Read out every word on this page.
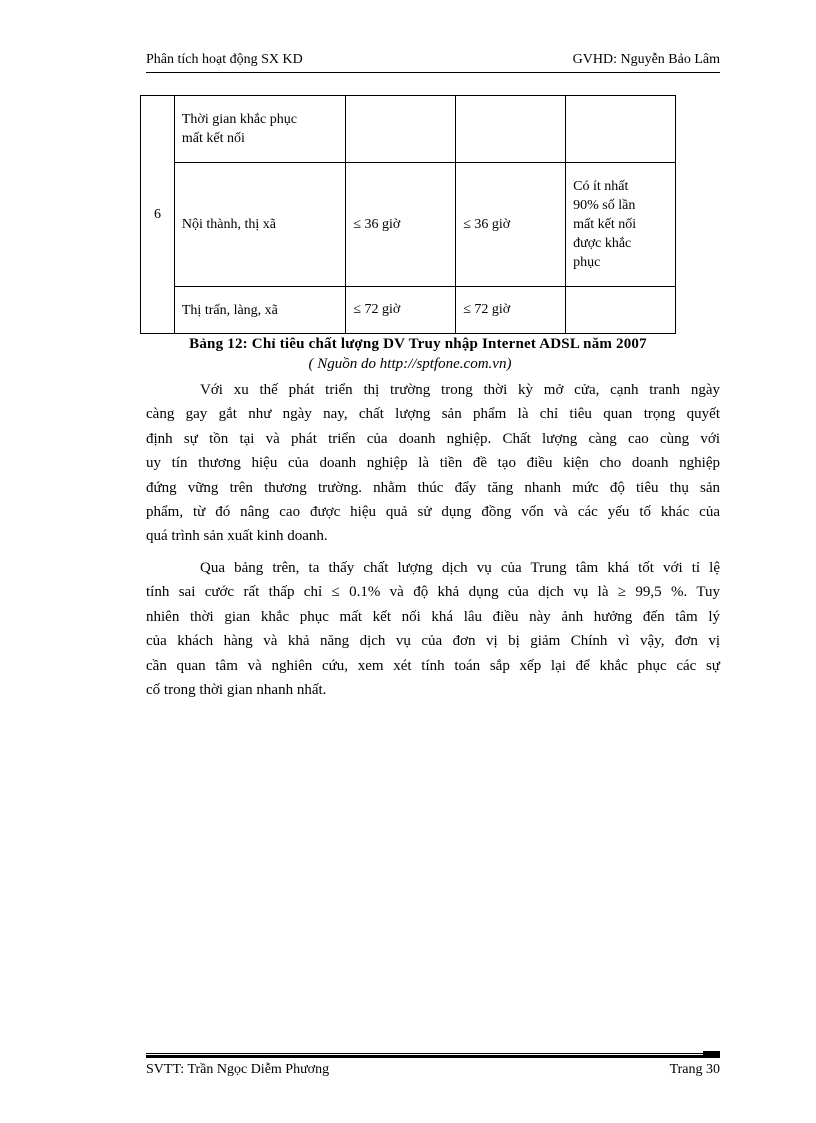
Phân tích hoạt động SX KD	GVHD: Nguyễn Bảo Lâm
6	Thời gian khắc phục
mất kết nối			

	Nội thành, thị xã	≤ 36 giờ	≤ 36 giờ	Có ít nhất
90% số lần
mất kết nối
được khắc
phục

	Thị trấn, làng, xã	≤ 72 giờ	≤ 72 giờ	
Bảng 12: Chỉ tiêu chất lượng DV Truy nhập Internet ADSL năm 2007
( Nguồn do http://sptfone.com.vn)

Với xu thế phát triển thị trường trong thời kỳ mở cửa, cạnh tranh ngày
càng gay gắt như ngày nay, chất lượng sản phẩm là chỉ tiêu quan trọng quyết
định sự tồn tại và phát triển của doanh nghiệp. Chất lượng càng cao cùng với
uy tín thương hiệu của doanh nghiệp là tiền đề tạo điều kiện cho doanh nghiệp
đứng vững trên thương trường. nhằm thúc đẩy tăng nhanh mức độ tiêu thụ sản
phẩm, từ đó nâng cao được hiệu quả sử dụng đồng vốn và các yếu tố khác của
quá trình sản xuất kinh doanh.

Qua bảng trên, ta thấy chất lượng dịch vụ của Trung tâm khá tốt với tỉ lệ
tính sai cước rất thấp chỉ ≤ 0.1% và độ khả dụng của dịch vụ là ≥ 99,5 %. Tuy
nhiên thời gian khắc phục mất kết nối khá lâu điều này ảnh hưởng đến tâm lý
của khách hàng và khả năng dịch vụ của đơn vị bị giảm Chính vì vậy, đơn vị
cần quan tâm và nghiên cứu, xem xét tính toán sắp xếp lại để khắc phục các sự
cố trong thời gian nhanh nhất.

SVTT: Trần Ngọc Diễm Phương	Trang 30
